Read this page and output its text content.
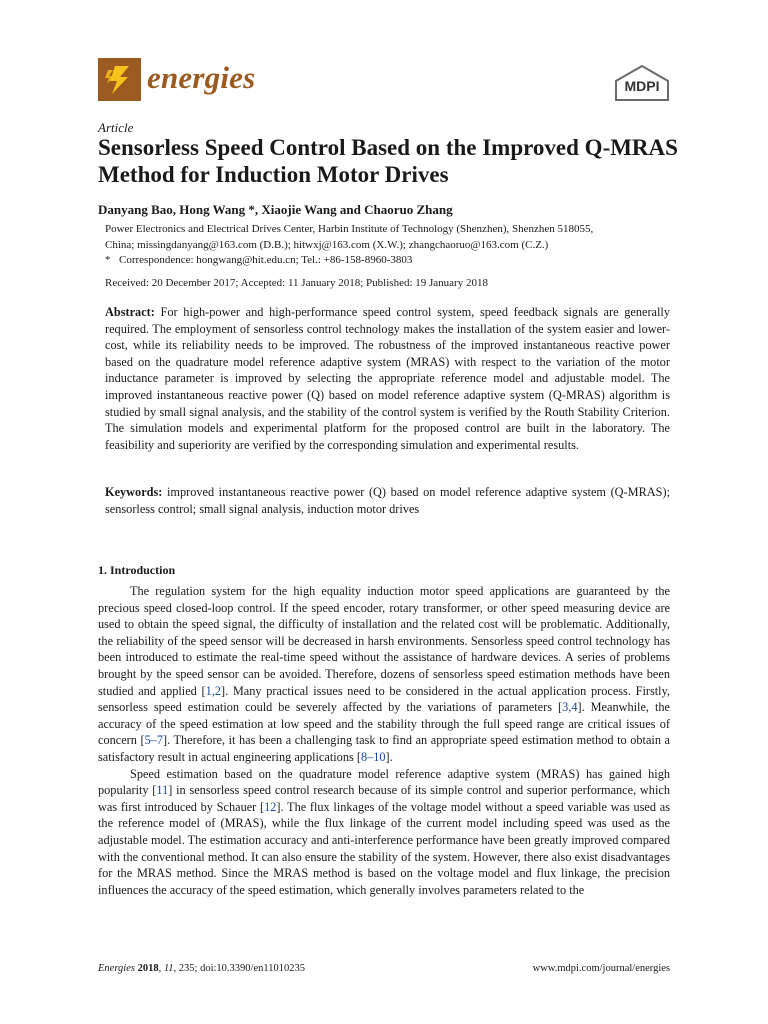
energies	MDPI
Article
Sensorless Speed Control Based on the Improved Q-MRAS Method for Induction Motor Drives
Danyang Bao, Hong Wang *, Xiaojie Wang and Chaoruo Zhang
Power Electronics and Electrical Drives Center, Harbin Institute of Technology (Shenzhen), Shenzhen 518055,
China; missingdanyang@163.com (D.B.); hitwxj@163.com (X.W.); zhangchaoruo@163.com (C.Z.)
* Correspondence: hongwang@hit.edu.cn; Tel.: +86-158-8960-3803
Received: 20 December 2017; Accepted: 11 January 2018; Published: 19 January 2018
Abstract: For high-power and high-performance speed control system, speed feedback signals are generally required. The employment of sensorless control technology makes the installation of the system easier and lower-cost, while its reliability needs to be improved. The robustness of the improved instantaneous reactive power based on the quadrature model reference adaptive system (MRAS) with respect to the variation of the motor inductance parameter is improved by selecting the appropriate reference model and adjustable model. The improved instantaneous reactive power (Q) based on model reference adaptive system (Q-MRAS) algorithm is studied by small signal analysis, and the stability of the control system is verified by the Routh Stability Criterion. The simulation models and experimental platform for the proposed control are built in the laboratory. The feasibility and superiority are verified by the corresponding simulation and experimental results.
Keywords: improved instantaneous reactive power (Q) based on model reference adaptive system (Q-MRAS); sensorless control; small signal analysis, induction motor drives
1. Introduction

The regulation system for the high equality induction motor speed applications are guaranteed by the precious speed closed-loop control. If the speed encoder, rotary transformer, or other speed measuring device are used to obtain the speed signal, the difficulty of installation and the related cost will be problematic. Additionally, the reliability of the speed sensor will be decreased in harsh environments. Sensorless speed control technology has been introduced to estimate the real-time speed without the assistance of hardware devices. A series of problems brought by the speed sensor can be avoided. Therefore, dozens of sensorless speed estimation methods have been studied and applied [1,2]. Many practical issues need to be considered in the actual application process. Firstly, sensorless speed estimation could be severely affected by the variations of parameters [3,4]. Meanwhile, the accuracy of the speed estimation at low speed and the stability through the full speed range are critical issues of concern [5–7]. Therefore, it has been a challenging task to find an appropriate speed estimation method to obtain a satisfactory result in actual engineering applications [8–10].

Speed estimation based on the quadrature model reference adaptive system (MRAS) has gained high popularity [11] in sensorless speed control research because of its simple control and superior performance, which was first introduced by Schauer [12]. The flux linkages of the voltage model without a speed variable was used as the reference model of (MRAS), while the flux linkage of the current model including speed was used as the adjustable model. The estimation accuracy and anti-interference performance have been greatly improved compared with the conventional method. It can also ensure the stability of the system. However, there also exist disadvantages for the MRAS method. Since the MRAS method is based on the voltage model and flux linkage, the precision influences the accuracy of the speed estimation, which generally involves parameters related to the

Energies 2018, 11, 235; doi:10.3390/en11010235	www.mdpi.com/journal/energies
